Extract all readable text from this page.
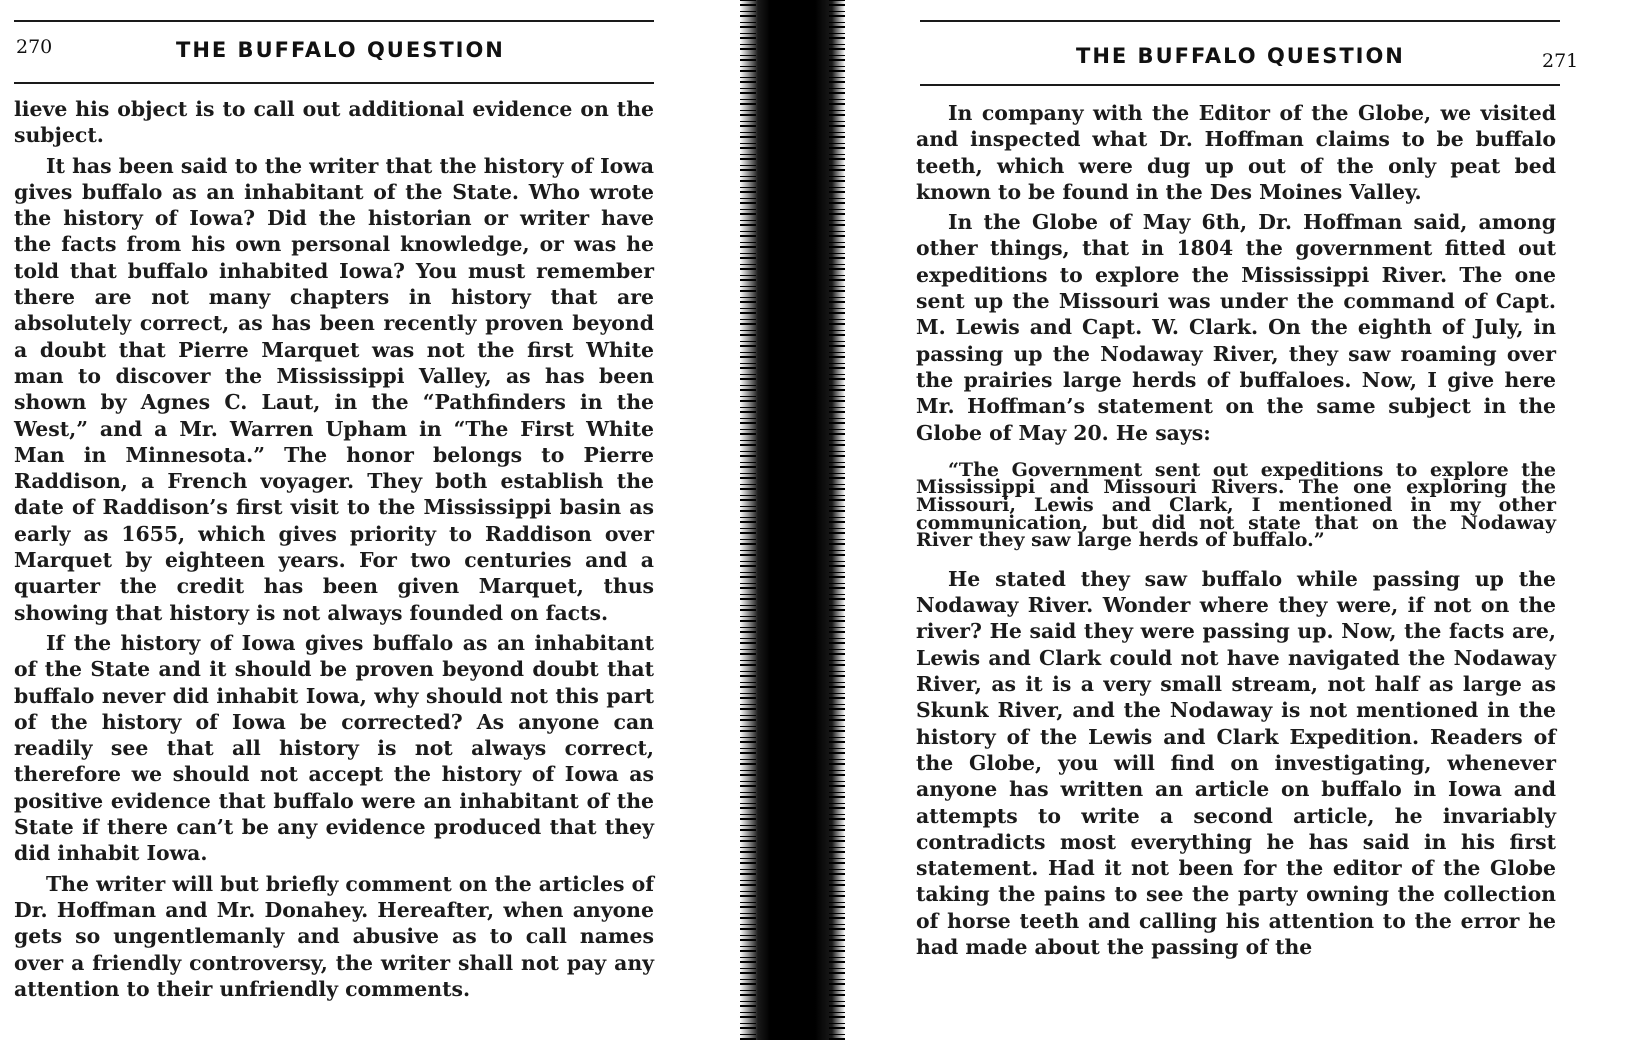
270	THE BUFFALO QUESTION

lieve his object is to call out additional evidence on the subject.

It has been said to the writer that the history of Iowa gives buffalo as an inhabitant of the State. Who wrote the history of Iowa? Did the historian or writer have the facts from his own personal knowledge, or was he told that buffalo inhabited Iowa? You must remember there are not many chapters in history that are absolutely correct, as has been recently proven beyond a doubt that Pierre Marquet was not the first White man to discover the Mississippi Valley, as has been shown by Agnes C. Laut, in the “Pathfinders in the West,” and a Mr. Warren Upham in “The First White Man in Minnesota.” The honor belongs to Pierre Raddison, a French voyager. They both establish the date of Raddison’s first visit to the Mississippi basin as early as 1655, which gives priority to Raddison over Marquet by eighteen years. For two centuries and a quarter the credit has been given Marquet, thus showing that history is not always founded on facts.

If the history of Iowa gives buffalo as an inhabitant of the State and it should be proven beyond doubt that buffalo never did inhabit Iowa, why should not this part of the history of Iowa be corrected? As anyone can readily see that all history is not always correct, therefore we should not accept the history of Iowa as positive evidence that buffalo were an inhabitant of the State if there can’t be any evidence produced that they did inhabit Iowa.

The writer will but briefly comment on the articles of Dr. Hoffman and Mr. Donahey. Hereafter, when anyone gets so ungentlemanly and abusive as to call names over a friendly controversy, the writer shall not pay any attention to their unfriendly comments.

THE BUFFALO QUESTION	271

In company with the Editor of the Globe, we visited and inspected what Dr. Hoffman claims to be buffalo teeth, which were dug up out of the only peat bed known to be found in the Des Moines Valley.

In the Globe of May 6th, Dr. Hoffman said, among other things, that in 1804 the government fitted out expeditions to explore the Mississippi River. The one sent up the Missouri was under the command of Capt. M. Lewis and Capt. W. Clark. On the eighth of July, in passing up the Nodaway River, they saw roaming over the prairies large herds of buffaloes. Now, I give here Mr. Hoffman’s statement on the same subject in the Globe of May 20. He says:

“The Government sent out expeditions to explore the Mississippi and Missouri Rivers. The one exploring the Missouri, Lewis and Clark, I mentioned in my other communication, but did not state that on the Nodaway River they saw large herds of buffalo.”

He stated they saw buffalo while passing up the Nodaway River. Wonder where they were, if not on the river? He said they were passing up. Now, the facts are, Lewis and Clark could not have navigated the Nodaway River, as it is a very small stream, not half as large as Skunk River, and the Nodaway is not mentioned in the history of the Lewis and Clark Expedition. Readers of the Globe, you will find on investigating, whenever anyone has written an article on buffalo in Iowa and attempts to write a second article, he invariably contradicts most everything he has said in his first statement. Had it not been for the editor of the Globe taking the pains to see the party owning the collection of horse teeth and calling his attention to the error he had made about the passing of the
